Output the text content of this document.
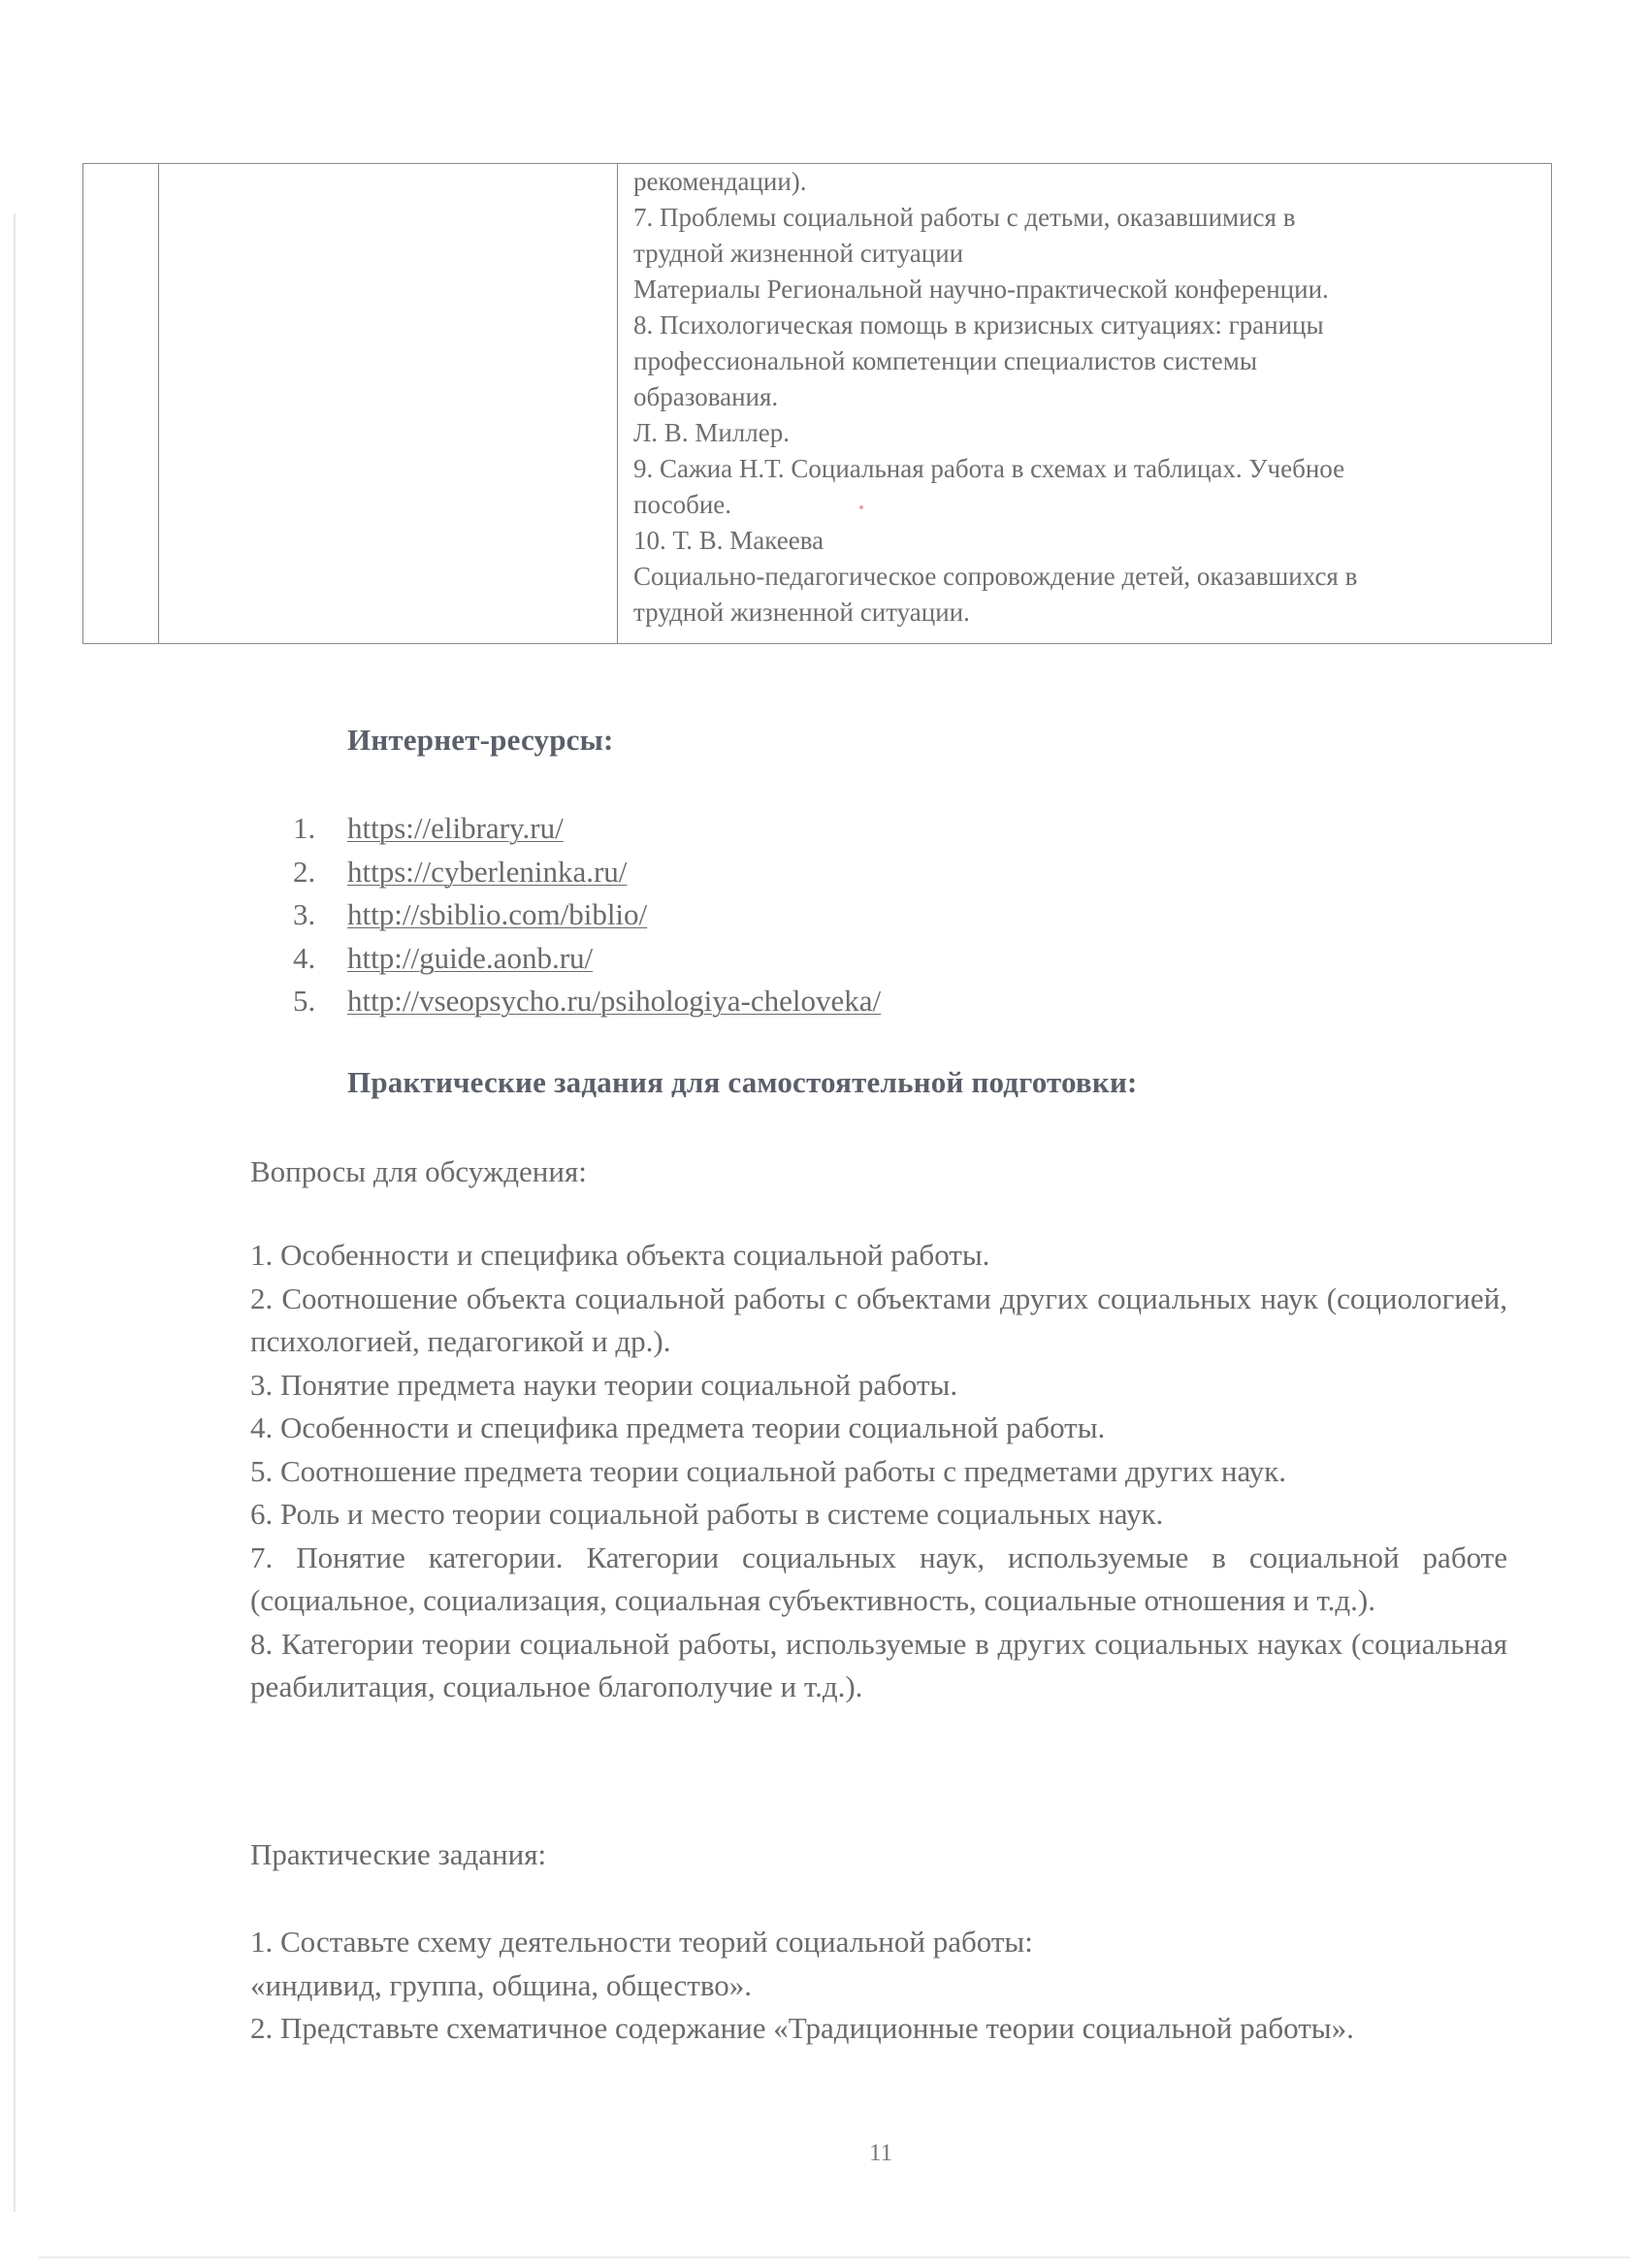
рекомендации).
7. Проблемы социальной работы с детьми, оказавшимися в
трудной жизненной ситуации
Материалы Региональной научно-практической конференции.
8. Психологическая помощь в кризисных ситуациях: границы
профессиональной компетенции специалистов системы
образования.
Л. В. Миллер.
9. Сажиа Н.Т. Социальная работа в схемах и таблицах. Учебное
пособие.
10. Т. В. Макеева
Социально-педагогическое сопровождение детей, оказавшихся в
трудной жизненной ситуации.
Интернет-ресурсы:
1. https://elibrary.ru/
2. https://cyberleninka.ru/
3. http://sbiblio.com/biblio/
4. http://guide.aonb.ru/
5. http://vseopsycho.ru/psihologiya-cheloveka/
Практические задания для самостоятельной подготовки:
Вопросы для обсуждения:

1. Особенности и специфика объекта социальной работы.

2. Соотношение объекта социальной работы с объектами других социальных наук (социологией, психологией, педагогикой и др.).

3. Понятие предмета науки теории социальной работы.

4. Особенности и специфика предмета теории социальной работы.

5. Соотношение предмета теории социальной работы с предметами других наук.

6. Роль и место теории социальной работы в системе социальных наук.

7. Понятие категории. Категории социальных наук, используемые в социальной работе (социальное, социализация, социальная субъективность, социальные отношения и т.д.).

8. Категории теории социальной работы, используемые в других социальных науках (социальная реабилитация, социальное благополучие и т.д.).

Практические задания:

1. Составьте схему деятельности теорий социальной работы:

«индивид, группа, община, общество».

2. Представьте схематичное содержание «Традиционные теории социальной работы».

11
